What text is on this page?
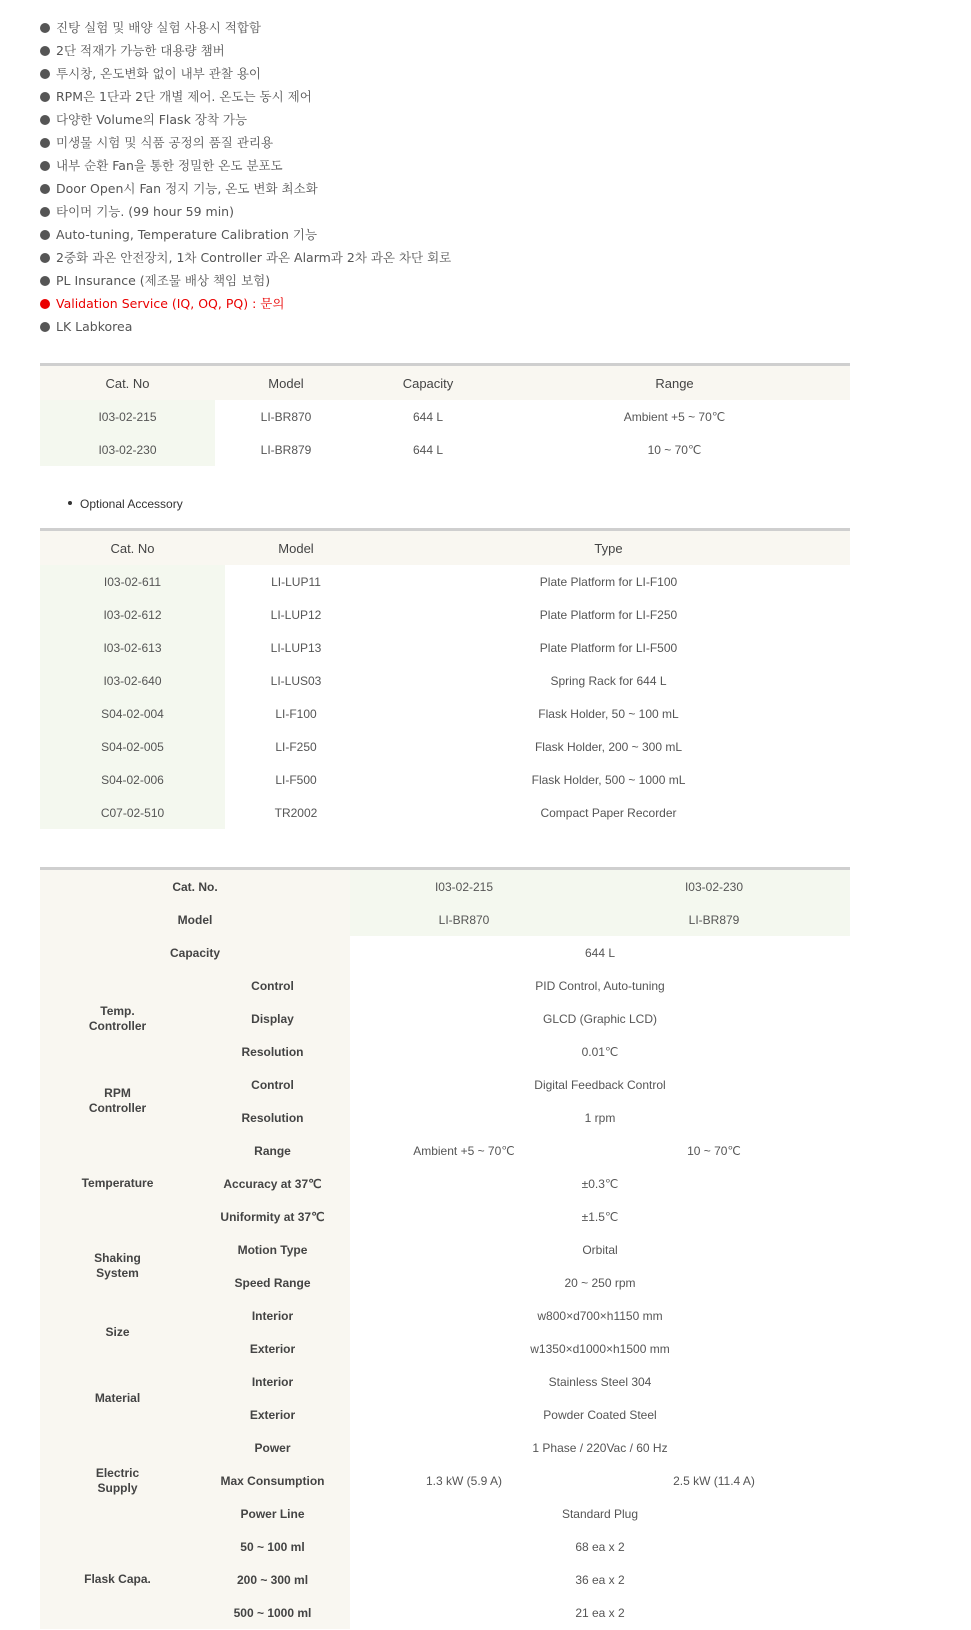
진탕 실험 및 배양 실험 사용시 적합함
2단 적재가 가능한 대용량 챔버
투시창, 온도변화 없이 내부 관찰 용이
RPM은 1단과 2단 개별 제어. 온도는 동시 제어
다양한 Volume의 Flask 장착 가능
미생물 시험 및 식품 공정의 품질 관리용
내부 순환 Fan을 통한 정밀한 온도 분포도
Door Open시 Fan 정지 기능, 온도 변화 최소화
타이머 기능. (99 hour 59 min)
Auto-tuning, Temperature Calibration 기능
2중화 과온 안전장치, 1차 Controller 과온 Alarm과 2차 과온 차단 회로
PL Insurance (제조물 배상 책임 보험)
Validation Service (IQ, OQ, PQ) : 문의
LK Labkorea
Cat. No	Model	Capacity	Range
I03-02-215	LI-BR870	644 L	Ambient +5 ~ 70℃
I03-02-230	LI-BR879	644 L	10 ~ 70℃
Optional Accessory
Cat. No	Model	Type
I03-02-611	LI-LUP11	Plate Platform for LI-F100
I03-02-612	LI-LUP12	Plate Platform for LI-F250
I03-02-613	LI-LUP13	Plate Platform for LI-F500
I03-02-640	LI-LUS03	Spring Rack for 644 L
S04-02-004	LI-F100	Flask Holder, 50 ~ 100 mL
S04-02-005	LI-F250	Flask Holder, 200 ~ 300 mL
S04-02-006	LI-F500	Flask Holder, 500 ~ 1000 mL
C07-02-510	TR2002	Compact Paper Recorder
Cat. No.		I03-02-215	I03-02-230
Model		LI-BR870	LI-BR879
Capacity		644 L	
Temp.
Controller	Control	PID Control, Auto-tuning	
	Display	GLCD (Graphic LCD)	
	Resolution	0.01℃	
RPM
Controller	Control	Digital Feedback Control	
	Resolution	1 rpm	
Temperature	Range	Ambient +5 ~ 70℃	10 ~ 70℃
	Accuracy at 37℃	±0.3℃	
	Uniformity at 37℃	±1.5℃	
Shaking
System	Motion Type	Orbital	
	Speed Range	20 ~ 250 rpm	
Size	Interior	w800×d700×h1150 mm	
	Exterior	w1350×d1000×h1500 mm	
Material	Interior	Stainless Steel 304	
	Exterior	Powder Coated Steel	
Electric
Supply	Power	1 Phase / 220Vac / 60 Hz	
	Max Consumption	1.3 kW (5.9 A)	2.5 kW (11.4 A)
	Power Line	Standard Plug	
Flask Capa.	50 ~ 100 ml	68 ea x 2	
	200 ~ 300 ml	36 ea x 2	
	500 ~ 1000 ml	21 ea x 2	
